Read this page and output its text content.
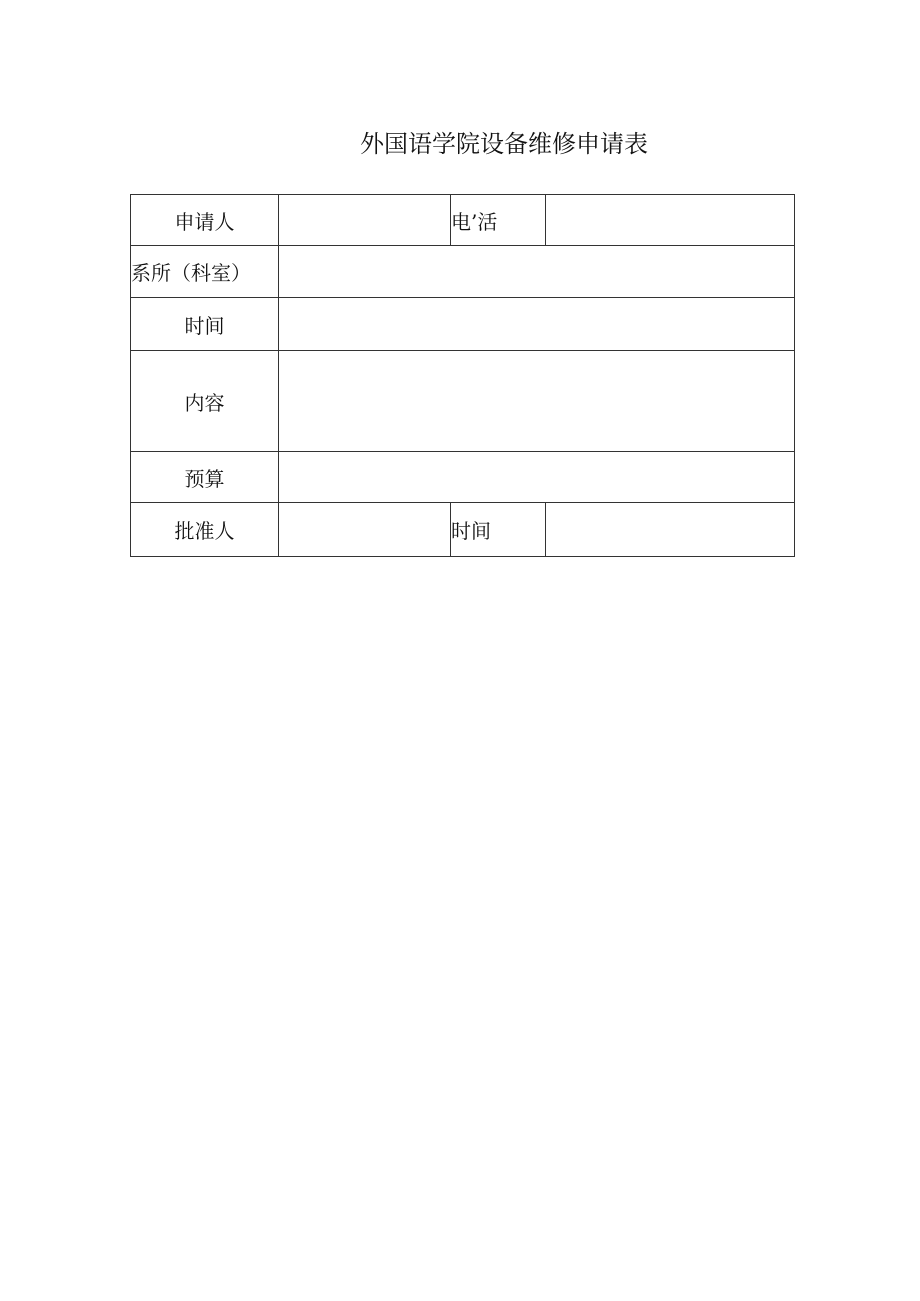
外国语学院设备维修申请表
申请人		电’活	
系所（科室）			
时间			
内容			
预算			
批准人		时间	
